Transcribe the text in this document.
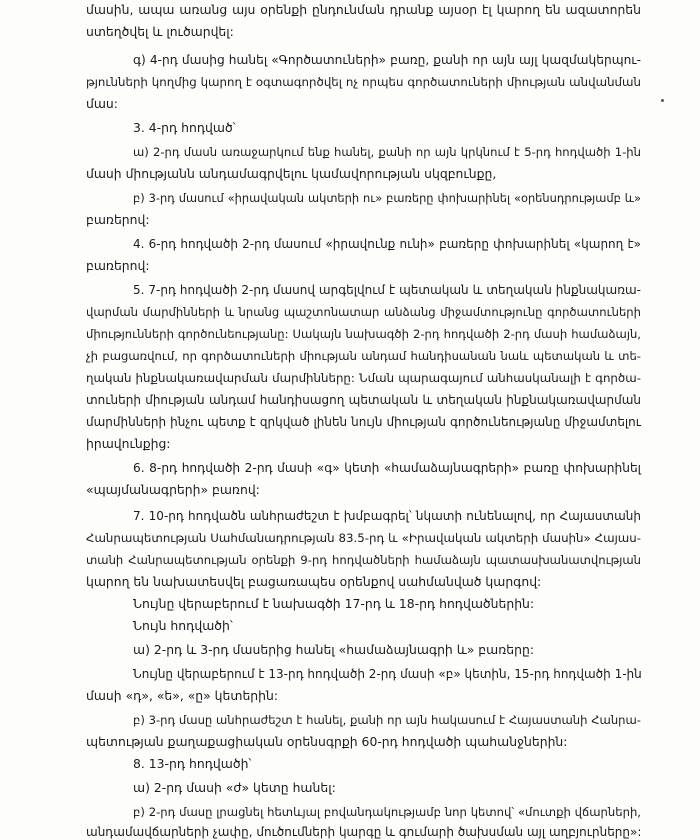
մասին, ապա առանց այս օրենքի ընդունման դրանք այսօր էլ կարող են ազատորեն
ստեղծվել և լուծարվել:
գ) 4-րդ մասից հանել «Գործատուների» բառը, քանի որ այն այլ կազմակերպու-
թյունների կողմից կարող է օգտագործվել ոչ որպես գործատուների միության անվանման
մաս:
3. 4-րդ հոդված՝
ա) 2-րդ մասն առաջարկում ենք հանել, քանի որ այն կրկնում է 5-րդ հոդվածի 1-ին
մասի միությանն անդամագրվելու կամավորության սկզբունքը,
բ) 3-րդ մասում «իրավական ակտերի ու» բառերը փոխարինել «օրենսդրությամբ և»
բառերով:
4. 6-րդ հոդվածի 2-րդ մասում «իրավունք ունի» բառերը փոխարինել «կարող է»
բառերով:
5. 7-րդ հոդվածի 2-րդ մասով արգելվում է պետական և տեղական ինքնակառա-
վարման մարմինների և նրանց պաշտոնատար անձանց միջամտությունը գործատուների
միությունների գործունեությանը: Սակայն նախագծի 2-րդ հոդվածի 2-րդ մասի համաձայն,
չի բացառվում, որ գործատուների միության անդամ հանդիսանան նաև պետական և տե-
ղական ինքնակառավարման մարմինները: Նման պարագայում անհասկանալի է գործա-
տուների միության անդամ հանդիսացող պետական և տեղական ինքնակառավարման
մարմինների ինչու պետք է զրկված լինեն նույն միության գործունեությանը միջամտելու
իրավունքից:
6. 8-րդ հոդվածի 2-րդ մասի «գ» կետի «համաձայնագրերի» բառը փոխարինել
«պայմանագրերի» բառով:
7. 10-րդ հոդվածն անհրաժեշտ է խմբագրել՝ նկատի ունենալով, որ Հայաստանի
Հանրապետության Սահմանադրության 83.5-րդ և «Իրավական ակտերի մասին» Հայաս-
տանի Հանրապետության օրենքի 9-րդ հոդվածների համաձայն պատասխանատվության
կարող են նախատեսվել բացառապես օրենքով սահմանված կարգով:
Նույնը վերաբերում է նախագծի 17-րդ և 18-րդ հոդվածներին:
Նույն հոդվածի՝
ա) 2-րդ և 3-րդ մասերից հանել «համաձայնագրի և» բառերը:
Նույնը վերաբերում է 13-րդ հոդվածի 2-րդ մասի «բ» կետին, 15-րդ հոդվածի 1-ին
մասի «դ», «ե», «ը» կետերին:
բ) 3-րդ մասը անհրաժեշտ է հանել, քանի որ այն հակասում է Հայաստանի Հանրա-
պետության քաղաքացիական օրենսգրքի 60-րդ հոդվածի պահանջներին:
8. 13-րդ հոդվածի՝
ա) 2-րդ մասի «ժ» կետը հանել:
բ) 2-րդ մասը լրացնել հետևյալ բովանդակությամբ նոր կետով՝ «մուտքի վճարների,
անդամավճարների չափը, մուծումների կարգը և գումարի ծախսման այլ աղբյուրները»:
